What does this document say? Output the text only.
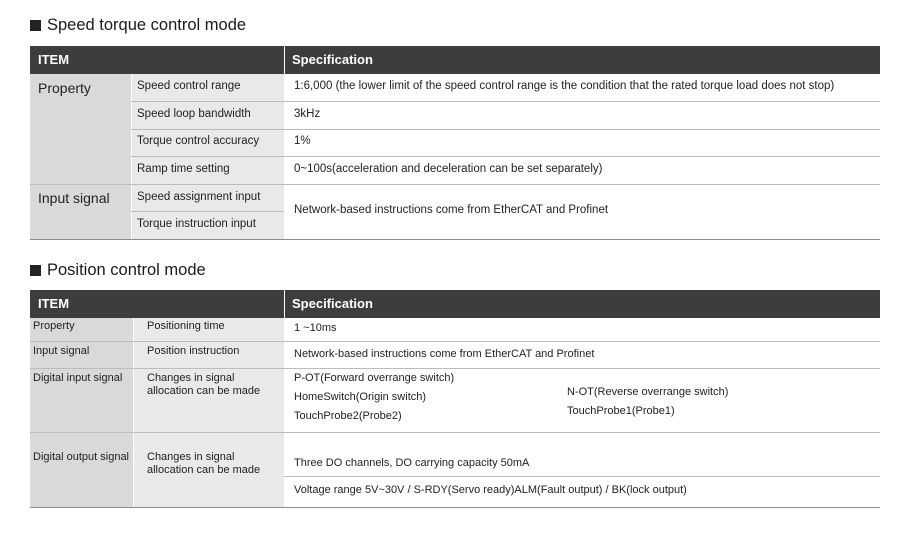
Speed torque control mode
ITEM	Specification
Property
Input signal
Speed control range
Speed loop bandwidth
Torque control accuracy
Ramp time setting
Speed assignment input
Torque instruction input
1:6,000 (the lower limit of the speed control range is the condition that the rated torque load does not stop)
3kHz
1%
0~100s(acceleration and deceleration can be set separately)
Network-based instructions come from EtherCAT and Profinet
Position control mode
ITEM	Specification
Property
Input signal
Digital input signal
Digital output signal
Positioning time
Position instruction
Changes in signal
allocation can be made
Changes in signal
allocation can be made
1 ~10ms
Network-based instructions come from EtherCAT and Profinet
P-OT(Forward overrange switch)
HomeSwitch(Origin switch)
TouchProbe2(Probe2)
N-OT(Reverse overrange switch)
TouchProbe1(Probe1)
Three DO channels, DO carrying capacity 50mA
Voltage range 5V~30V / S-RDY(Servo ready)ALM(Fault output) / BK(lock output)
